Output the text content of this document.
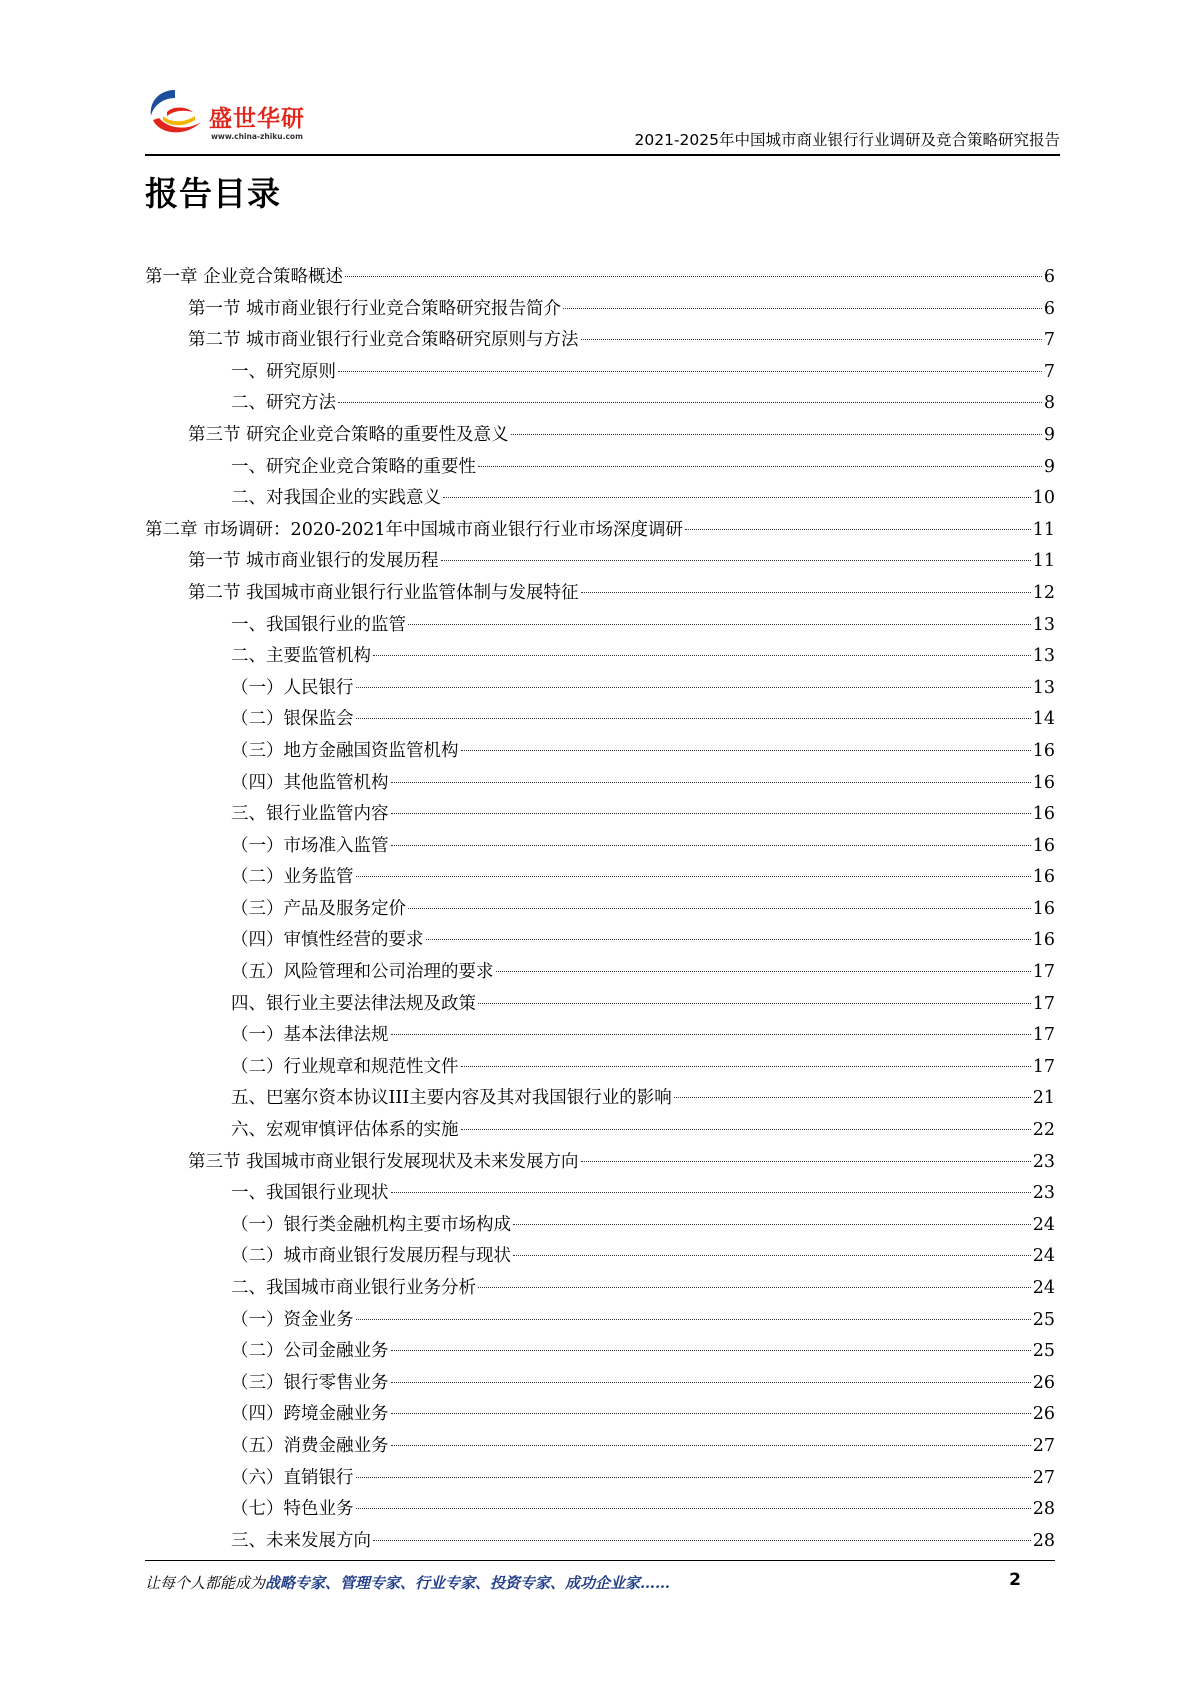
盛世华研
www.china-zhiku.com	2021-2025年中国城市商业银行行业调研及竞合策略研究报告
报告目录
第一章 企业竞合策略概述	6
第一节 城市商业银行行业竞合策略研究报告简介	6
第二节 城市商业银行行业竞合策略研究原则与方法	7
一、研究原则	7
二、研究方法	8
第三节 研究企业竞合策略的重要性及意义	9
一、研究企业竞合策略的重要性	9
二、对我国企业的实践意义	10
第二章 市场调研：2020-2021年中国城市商业银行行业市场深度调研	11
第一节 城市商业银行的发展历程	11
第二节 我国城市商业银行行业监管体制与发展特征	12
一、我国银行业的监管	13
二、主要监管机构	13
（一）人民银行	13
（二）银保监会	14
（三）地方金融国资监管机构	16
（四）其他监管机构	16
三、银行业监管内容	16
（一）市场准入监管	16
（二）业务监管	16
（三）产品及服务定价	16
（四）审慎性经营的要求	16
（五）风险管理和公司治理的要求	17
四、银行业主要法律法规及政策	17
（一）基本法律法规	17
（二）行业规章和规范性文件	17
五、巴塞尔资本协议III主要内容及其对我国银行业的影响	21
六、宏观审慎评估体系的实施	22
第三节 我国城市商业银行发展现状及未来发展方向	23
一、我国银行业现状	23
（一）银行类金融机构主要市场构成	24
（二）城市商业银行发展历程与现状	24
二、我国城市商业银行业务分析	24
（一）资金业务	25
（二）公司金融业务	25
（三）银行零售业务	26
（四）跨境金融业务	26
（五）消费金融业务	27
（六）直销银行	27
（七）特色业务	28
三、未来发展方向	28
让每个人都能成为战略专家、管理专家、行业专家、投资专家、成功企业家……	2
